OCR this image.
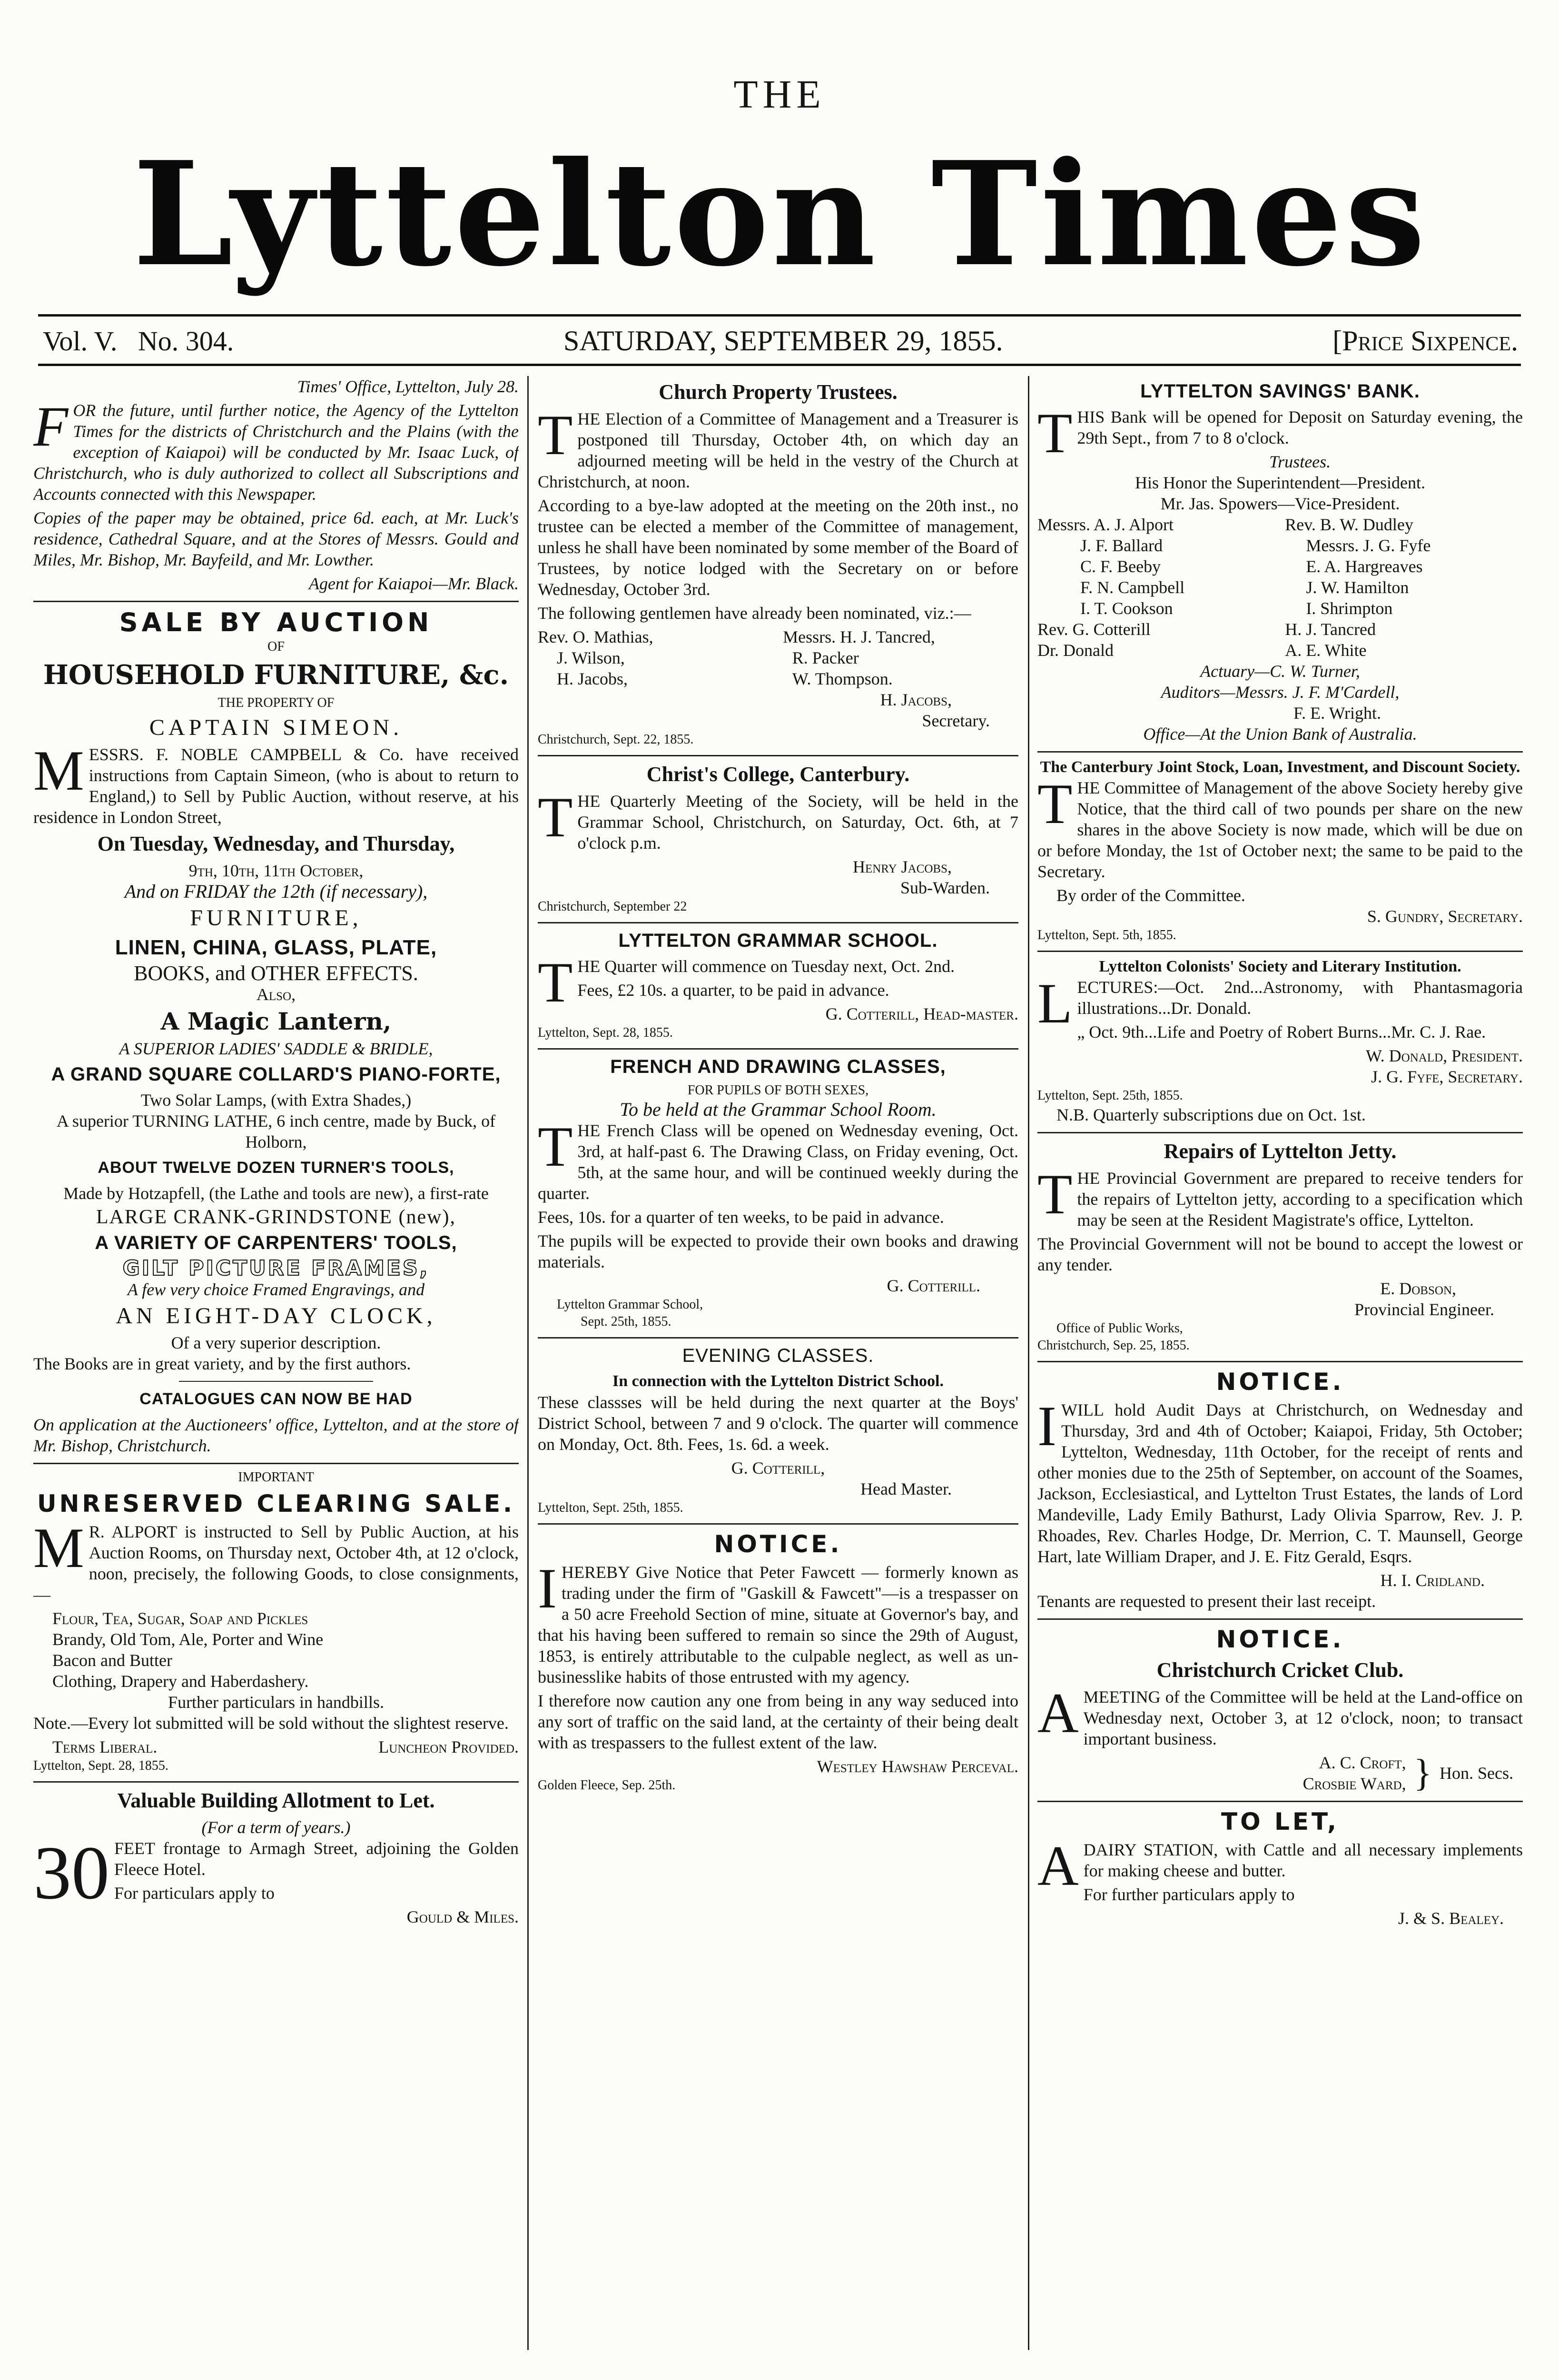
THE
Lyttelton Times
Vol. V. No. 304.	SATURDAY, SEPTEMBER 29, 1855.	[Price Sixpence.

Times' Office, Lyttelton, July 28.

FOR the future, until further notice, the Agency of the Lyttelton Times for the districts of Christchurch and the Plains (with the exception of Kaiapoi) will be conducted by Mr. Isaac Luck, of Christchurch, who is duly authorized to collect all Subscriptions and Accounts connected with this Newspaper.

Copies of the paper may be obtained, price 6d. each, at Mr. Luck's residence, Cathedral Square, and at the Stores of Messrs. Gould and Miles, Mr. Bishop, Mr. Bayfeild, and Mr. Lowther.

Agent for Kaiapoi—Mr. Black.

SALE BY AUCTION
OF
HOUSEHOLD FURNITURE, &c.
THE PROPERTY OF
CAPTAIN SIMEON.

MESSRS. F. NOBLE CAMPBELL & Co. have received instructions from Captain Simeon, (who is about to return to England,) to Sell by Public Auction, without reserve, at his residence in London Street,

On Tuesday, Wednesday, and Thursday,
9th, 10th, 11th October,
And on FRIDAY the 12th (if necessary),
FURNITURE,
LINEN, CHINA, GLASS, PLATE,
BOOKS, and OTHER EFFECTS.
Also,
A Magic Lantern,
A SUPERIOR LADIES' SADDLE & BRIDLE,
A GRAND SQUARE COLLARD'S PIANO-FORTE,
Two Solar Lamps, (with Extra Shades,)

A superior TURNING LATHE, 6 inch centre, made by Buck, of Holborn,

ABOUT TWELVE DOZEN TURNER'S TOOLS,

Made by Hotzapfell, (the Lathe and tools are new), a first-rate

LARGE CRANK-GRINDSTONE (new),
A VARIETY OF CARPENTERS' TOOLS,
GILT PICTURE FRAMES,
A few very choice Framed Engravings, and
AN EIGHT-DAY CLOCK,
Of a very superior description.

The Books are in great variety, and by the first authors.

CATALOGUES CAN NOW BE HAD

On application at the Auctioneers' office, Lyttelton, and at the store of Mr. Bishop, Christchurch.

IMPORTANT
UNRESERVED CLEARING SALE.

M R. ALPORT is instructed to Sell by Public Auction, at his Auction Rooms, on Thursday next, October 4th, at 12 o'clock, noon, precisely, the following Goods, to close consignments,—

Flour, Tea, Sugar, Soap and Pickles

Brandy, Old Tom, Ale, Porter and Wine

Bacon and Butter

Clothing, Drapery and Haberdashery.

Further particulars in handbills.

Note.—Every lot submitted will be sold without the slightest reserve.

Terms Liberal.	Luncheon Provided.
Lyttelton, Sept. 28, 1855.
Valuable Building Allotment to Let.
(For a term of years.)

30 FEET frontage to Armagh Street, adjoining the Golden Fleece Hotel.

For particulars apply to

Gould & Miles.

Church Property Trustees.

THE Election of a Committee of Management and a Treasurer is postponed till Thursday, October 4th, on which day an adjourned meeting will be held in the vestry of the Church at Christchurch, at noon.

According to a bye-law adopted at the meeting on the 20th inst., no trustee can be elected a member of the Committee of management, unless he shall have been nominated by some member of the Board of Trustees, by notice lodged with the Secretary on or before Wednesday, October 3rd.

The following gentlemen have already been nominated, viz.:—

Rev. O. Mathias,	Messrs. H. J. Tancred,
J. Wilson,	R. Packer
H. Jacobs,	W. Thompson.
H. Jacobs,
Secretary.
Christchurch, Sept. 22, 1855.
Christ's College, Canterbury.

THE Quarterly Meeting of the Society, will be held in the Grammar School, Christchurch, on Saturday, Oct. 6th, at 7 o'clock p.m.

Henry Jacobs,
Sub-Warden.
Christchurch, September 22
LYTTELTON GRAMMAR SCHOOL.

THE Quarter will commence on Tuesday next, Oct. 2nd.

Fees, £2 10s. a quarter, to be paid in advance.

G. Cotterill, Head-master.
Lyttelton, Sept. 28, 1855.
FRENCH AND DRAWING CLASSES,
FOR PUPILS OF BOTH SEXES,
To be held at the Grammar School Room.

THE French Class will be opened on Wednesday evening, Oct. 3rd, at half-past 6. The Drawing Class, on Friday evening, Oct. 5th, at the same hour, and will be continued weekly during the quarter.

Fees, 10s. for a quarter of ten weeks, to be paid in advance.

The pupils will be expected to provide their own books and drawing materials.

G. Cotterill.
Lyttelton Grammar School,
Sept. 25th, 1855.
EVENING CLASSES.
In connection with the Lyttelton District School.

These classses will be held during the next quarter at the Boys' District School, between 7 and 9 o'clock. The quarter will commence on Monday, Oct. 8th. Fees, 1s. 6d. a week.

G. Cotterill,
Head Master.
Lyttelton, Sept. 25th, 1855.
NOTICE.

IHEREBY Give Notice that Peter Fawcett — formerly known as trading under the firm of "Gaskill & Fawcett"—is a trespasser on a 50 acre Freehold Section of mine, situate at Governor's bay, and that his having been suffered to remain so since the 29th of August, 1853, is entirely attributable to the culpable neglect, as well as un-businesslike habits of those entrusted with my agency.

I therefore now caution any one from being in any way seduced into any sort of traffic on the said land, at the certainty of their being dealt with as trespassers to the fullest extent of the law.

Westley Hawshaw Perceval.
Golden Fleece, Sep. 25th.
LYTTELTON SAVINGS' BANK.

THIS Bank will be opened for Deposit on Saturday evening, the 29th Sept., from 7 to 8 o'clock.

Trustees.
His Honor the Superintendent—President.
Mr. Jas. Spowers—Vice-President.
Messrs. A. J. Alport	Rev. B. W. Dudley
J. F. Ballard	Messrs. J. G. Fyfe
C. F. Beeby	E. A. Hargreaves
F. N. Campbell	J. W. Hamilton
I. T. Cookson	I. Shrimpton
Rev. G. Cotterill	H. J. Tancred
Dr. Donald	A. E. White
Actuary—C. W. Turner,
Auditors—Messrs. J. F. M'Cardell,
F. E. Wright.
Office—At the Union Bank of Australia.
The Canterbury Joint Stock, Loan, Investment, and Discount Society.

THE Committee of Management of the above Society hereby give Notice, that the third call of two pounds per share on the new shares in the above Society is now made, which will be due on or before Monday, the 1st of October next; the same to be paid to the Secretary.

By order of the Committee.
S. Gundry, Secretary.
Lyttelton, Sept. 5th, 1855.
Lyttelton Colonists' Society and Literary Institution.

LECTURES:—Oct. 2nd...Astronomy, with Phantasmagoria illustrations...Dr. Donald.

„ Oct. 9th...Life and Poetry of Robert Burns...Mr. C. J. Rae.

W. Donald, President.
J. G. Fyfe, Secretary.
Lyttelton, Sept. 25th, 1855.
N.B. Quarterly subscriptions due on Oct. 1st.
Repairs of Lyttelton Jetty.

THE Provincial Government are prepared to receive tenders for the repairs of Lyttelton jetty, according to a specification which may be seen at the Resident Magistrate's office, Lyttelton.

The Provincial Government will not be bound to accept the lowest or any tender.

E. Dobson,
Provincial Engineer.
Office of Public Works,
Christchurch, Sep. 25, 1855.
NOTICE.

IWILL hold Audit Days at Christchurch, on Wednesday and Thursday, 3rd and 4th of October; Kaiapoi, Friday, 5th October; Lyttelton, Wednesday, 11th October, for the receipt of rents and other monies due to the 25th of September, on account of the Soames, Jackson, Ecclesiastical, and Lyttelton Trust Estates, the lands of Lord Mandeville, Lady Emily Bathurst, Lady Olivia Sparrow, Rev. J. P. Rhoades, Rev. Charles Hodge, Dr. Merrion, C. T. Maunsell, George Hart, late William Draper, and J. E. Fitz Gerald, Esqrs.

H. I. Cridland.

Tenants are requested to present their last receipt.

NOTICE.
Christchurch Cricket Club.

AMEETING of the Committee will be held at the Land-office on Wednesday next, October 3, at 12 o'clock, noon; to transact important business.

A. C. Croft,
Crosbie Ward, } Hon. Secs.
TO LET,

ADAIRY STATION, with Cattle and all necessary implements for making cheese and butter.

For further particulars apply to

J. & S. Bealey.
